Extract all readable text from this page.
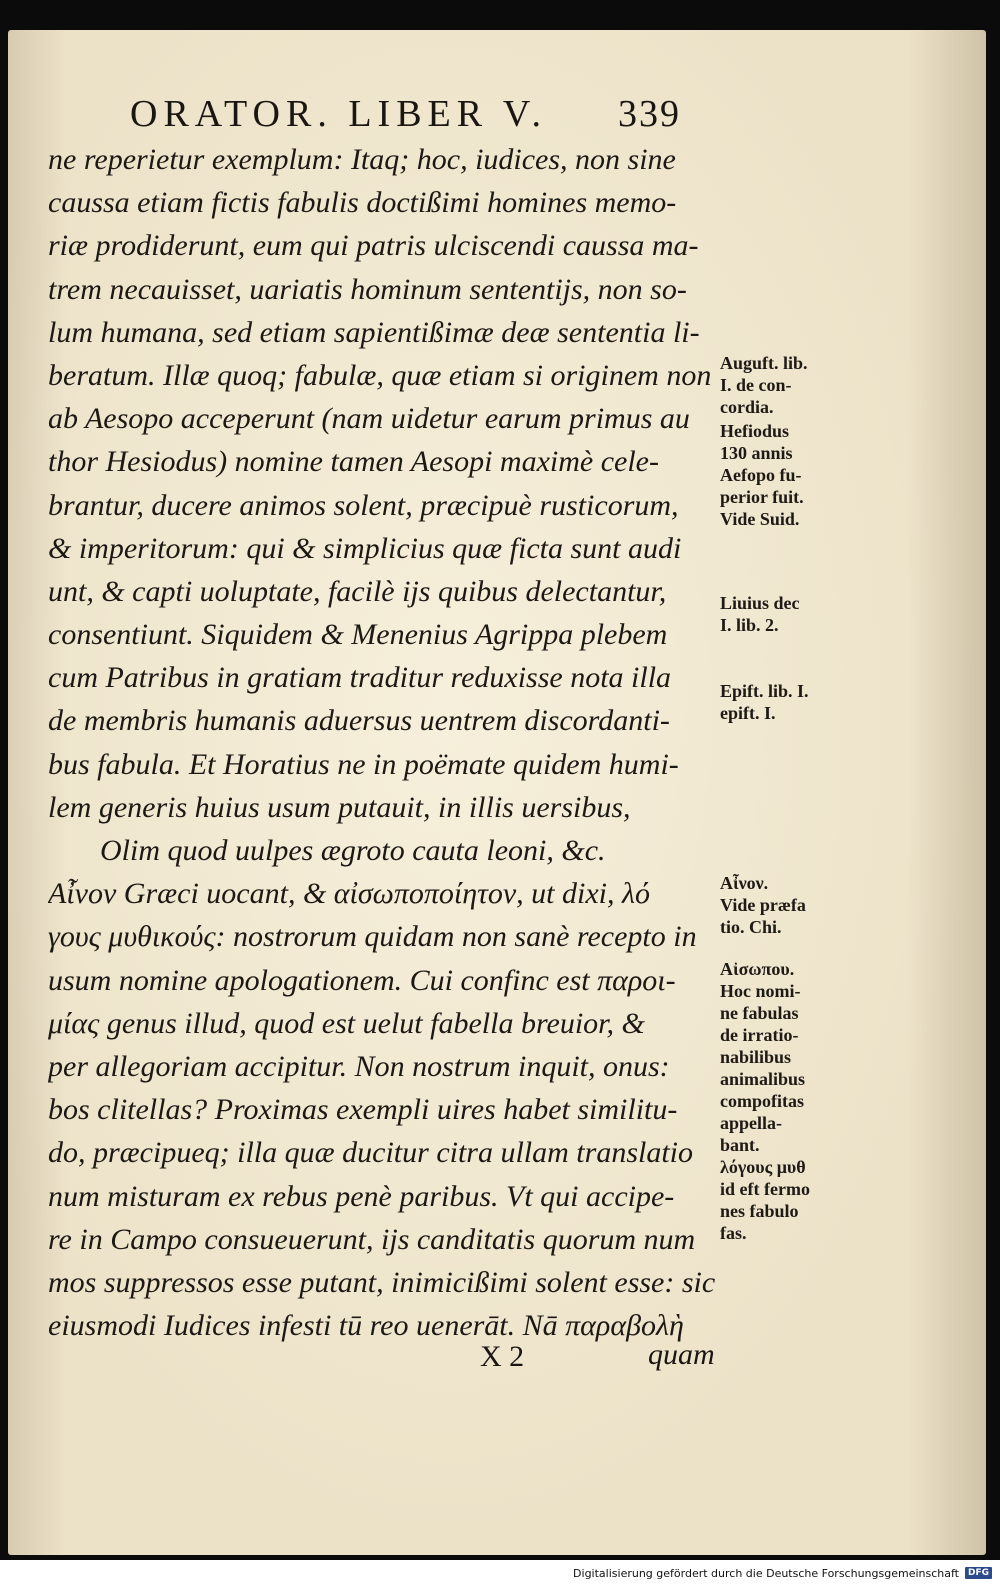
ORATOR. LIBER V. 339
ne reperietur exemplum: Itaq; hoc, iudices, non sine
caussa etiam fictis fabulis doctißimi homines memo-
riæ prodiderunt, eum qui patris ulciscendi caussa ma-
trem necauisset, uariatis hominum sententijs, non so-
lum humana, sed etiam sapientißimæ deæ sententia li-
beratum. Illæ quoq; fabulæ, quæ etiam si originem non
ab Aesopo acceperunt (nam uidetur earum primus au
thor Hesiodus) nomine tamen Aesopi maximè cele-
brantur, ducere animos solent, præcipuè rusticorum,
& imperitorum: qui & simplicius quæ ficta sunt audi
unt, & capti uoluptate, facilè ijs quibus delectantur,
consentiunt. Siquidem & Menenius Agrippa plebem
cum Patribus in gratiam traditur reduxisse nota illa
de membris humanis aduersus uentrem discordanti-
bus fabula. Et Horatius ne in poëmate quidem humi-
lem generis huius usum putauit, in illis uersibus,
Olim quod uulpes ægroto cauta leoni, &c.
Αἶνον Græci uocant, & αἰσωποποίητον, ut dixi, λό
γους μυθικούς: nostrorum quidam non sanè recepto in
usum nomine apologationem. Cui confinc est παροι-
μίας genus illud, quod est uelut fabella breuior, &
per allegoriam accipitur. Non nostrum inquit, onus:
bos clitellas? Proximas exempli uires habet similitu-
do, præcipueq; illa quæ ducitur citra ullam translatio
num misturam ex rebus penè paribus. Vt qui accipe-
re in Campo consueuerunt, ijs canditatis quorum num
mos suppressos esse putant, inimicißimi solent esse: sic
eiusmodi Iudices infesti tū reo uenerāt. Nā παραβολὴ
Auguft. lib.
I. de con-
cordia.
Hefiodus
130 annis
Aefopo fu-
perior fuit.
Vide Suid.
Liuius dec
I. lib. 2.
Epift. lib. I.
epift. I.
Αἶνον.
Vide præfa
tio. Chi.
Αἰσωπου.
Hoc nomi-
ne fabulas
de irratio-
nabilibus
animalibus
compofitas
appella-
bant.
λόγους μυθ
id eft fermo
nes fabulo
fas.
X 2	quam
Digitalisierung gefördert durch die Deutsche Forschungsgemeinschaft	DFG
